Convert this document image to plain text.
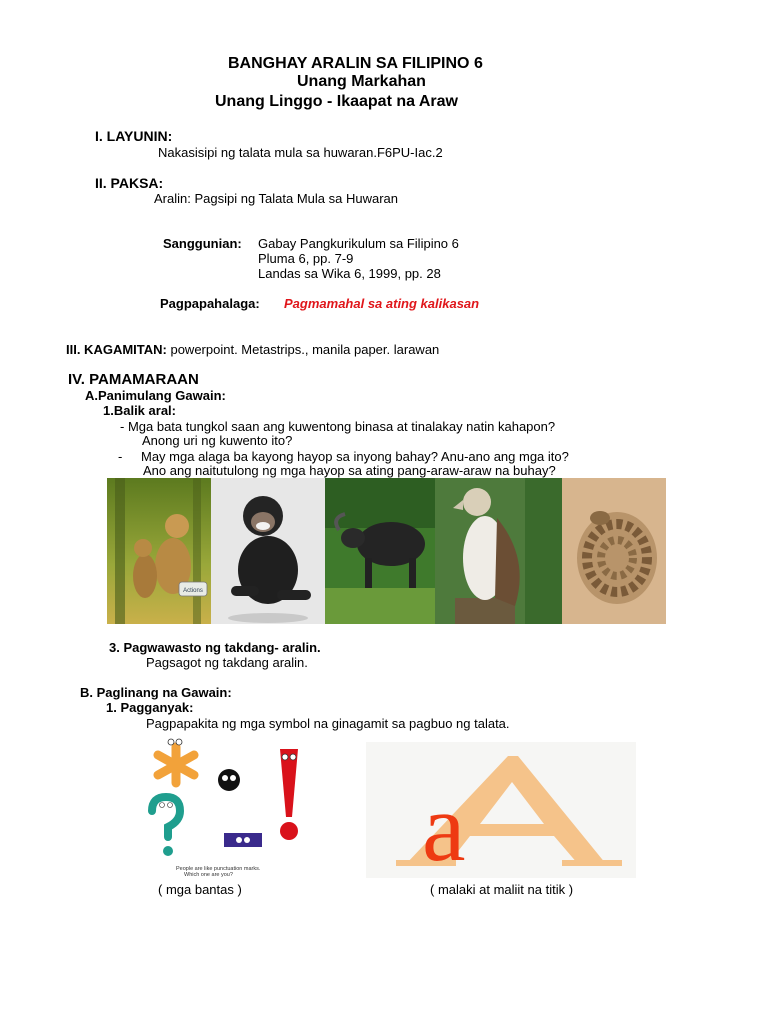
BANGHAY ARALIN SA FILIPINO 6
Unang Markahan
Unang Linggo - Ikaapat na Araw
I. LAYUNIN:
Nakasisipi ng talata mula sa huwaran.F6PU-Iac.2
II. PAKSA:
Aralin: Pagsipi ng Talata Mula sa Huwaran
Sanggunian: Gabay Pangkurikulum sa Filipino 6
Pluma 6, pp. 7-9
Landas sa Wika 6, 1999, pp. 28
Pagpapahalaga: Pagmamahal sa ating kalikasan
III. KAGAMITAN: powerpoint. Metastrips., manila paper. larawan
IV. PAMAMARAAN
A.Panimulang Gawain:
1.Balik aral:
- Mga bata tungkol saan ang kuwentong binasa at tinalakay natin kahapon?
Anong uri ng kuwento ito?
- May mga alaga ba kayong hayop sa inyong bahay? Anu-ano ang mga ito?
Ano ang naitutulong ng mga hayop sa ating pang-araw-araw na buhay?
Actions
3. Pagwawasto ng takdang- aralin.
Pagsagot ng takdang aralin.
B. Paglinang na Gawain:
1. Pagganyak:
Pagpapakita ng mga symbol na ginagamit sa pagbuo ng talata.
People are like punctuation marks.
Which one are you? a
( mga bantas )	( malaki at maliit na titik )
